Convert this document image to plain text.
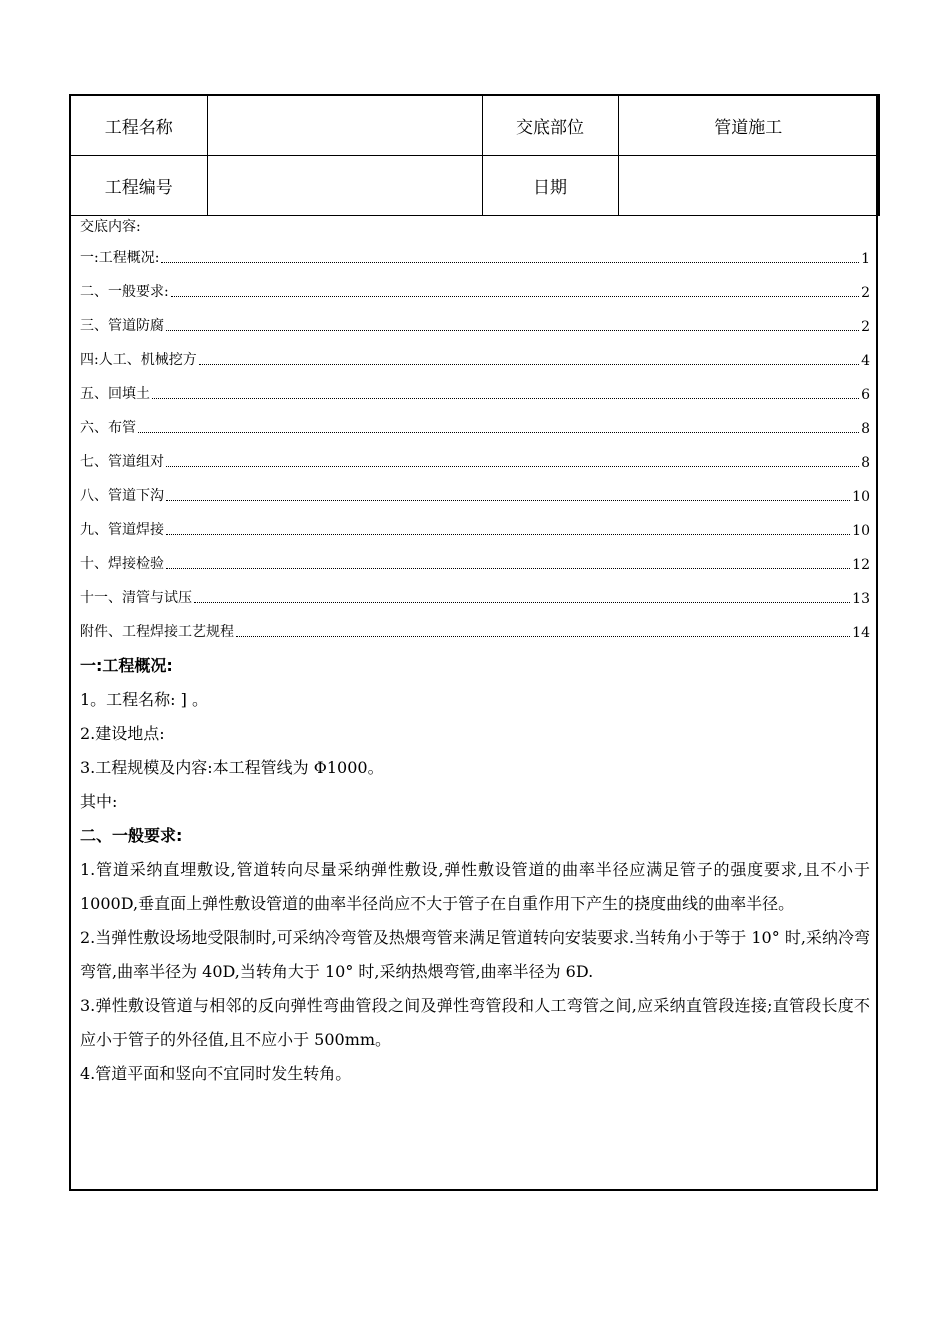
工程名称		交底部位	管道施工
工程编号		日期	
交底内容:
一:工程概况:	1
二、一般要求:	2
三、管道防腐	2
四:人工、机械挖方	4
五、回填土	6
六、布管	8
七、管道组对	8
八、管道下沟	10
九、管道焊接	10
十、焊接检验	12
十一、清管与试压	13
附件、工程焊接工艺规程	14
一:工程概况:
1。工程名称: ] 。
2.建设地点:
3.工程规模及内容:本工程管线为 Φ1000。
其中:
二、一般要求:
1.管道采纳直埋敷设,管道转向尽量采纳弹性敷设,弹性敷设管道的曲率半径应满足管子的强度要求,且不小于 1000D,垂直面上弹性敷设管道的曲率半径尚应不大于管子在自重作用下产生的挠度曲线的曲率半径。
2.当弹性敷设场地受限制时,可采纳冷弯管及热煨弯管来满足管道转向安装要求.当转角小于等于 10° 时,采纳冷弯弯管,曲率半径为 40D,当转角大于 10° 时,采纳热煨弯管,曲率半径为 6D.
3.弹性敷设管道与相邻的反向弹性弯曲管段之间及弹性弯管段和人工弯管之间,应采纳直管段连接;直管段长度不应小于管子的外径值,且不应小于 500mm。
4.管道平面和竖向不宜同时发生转角。
